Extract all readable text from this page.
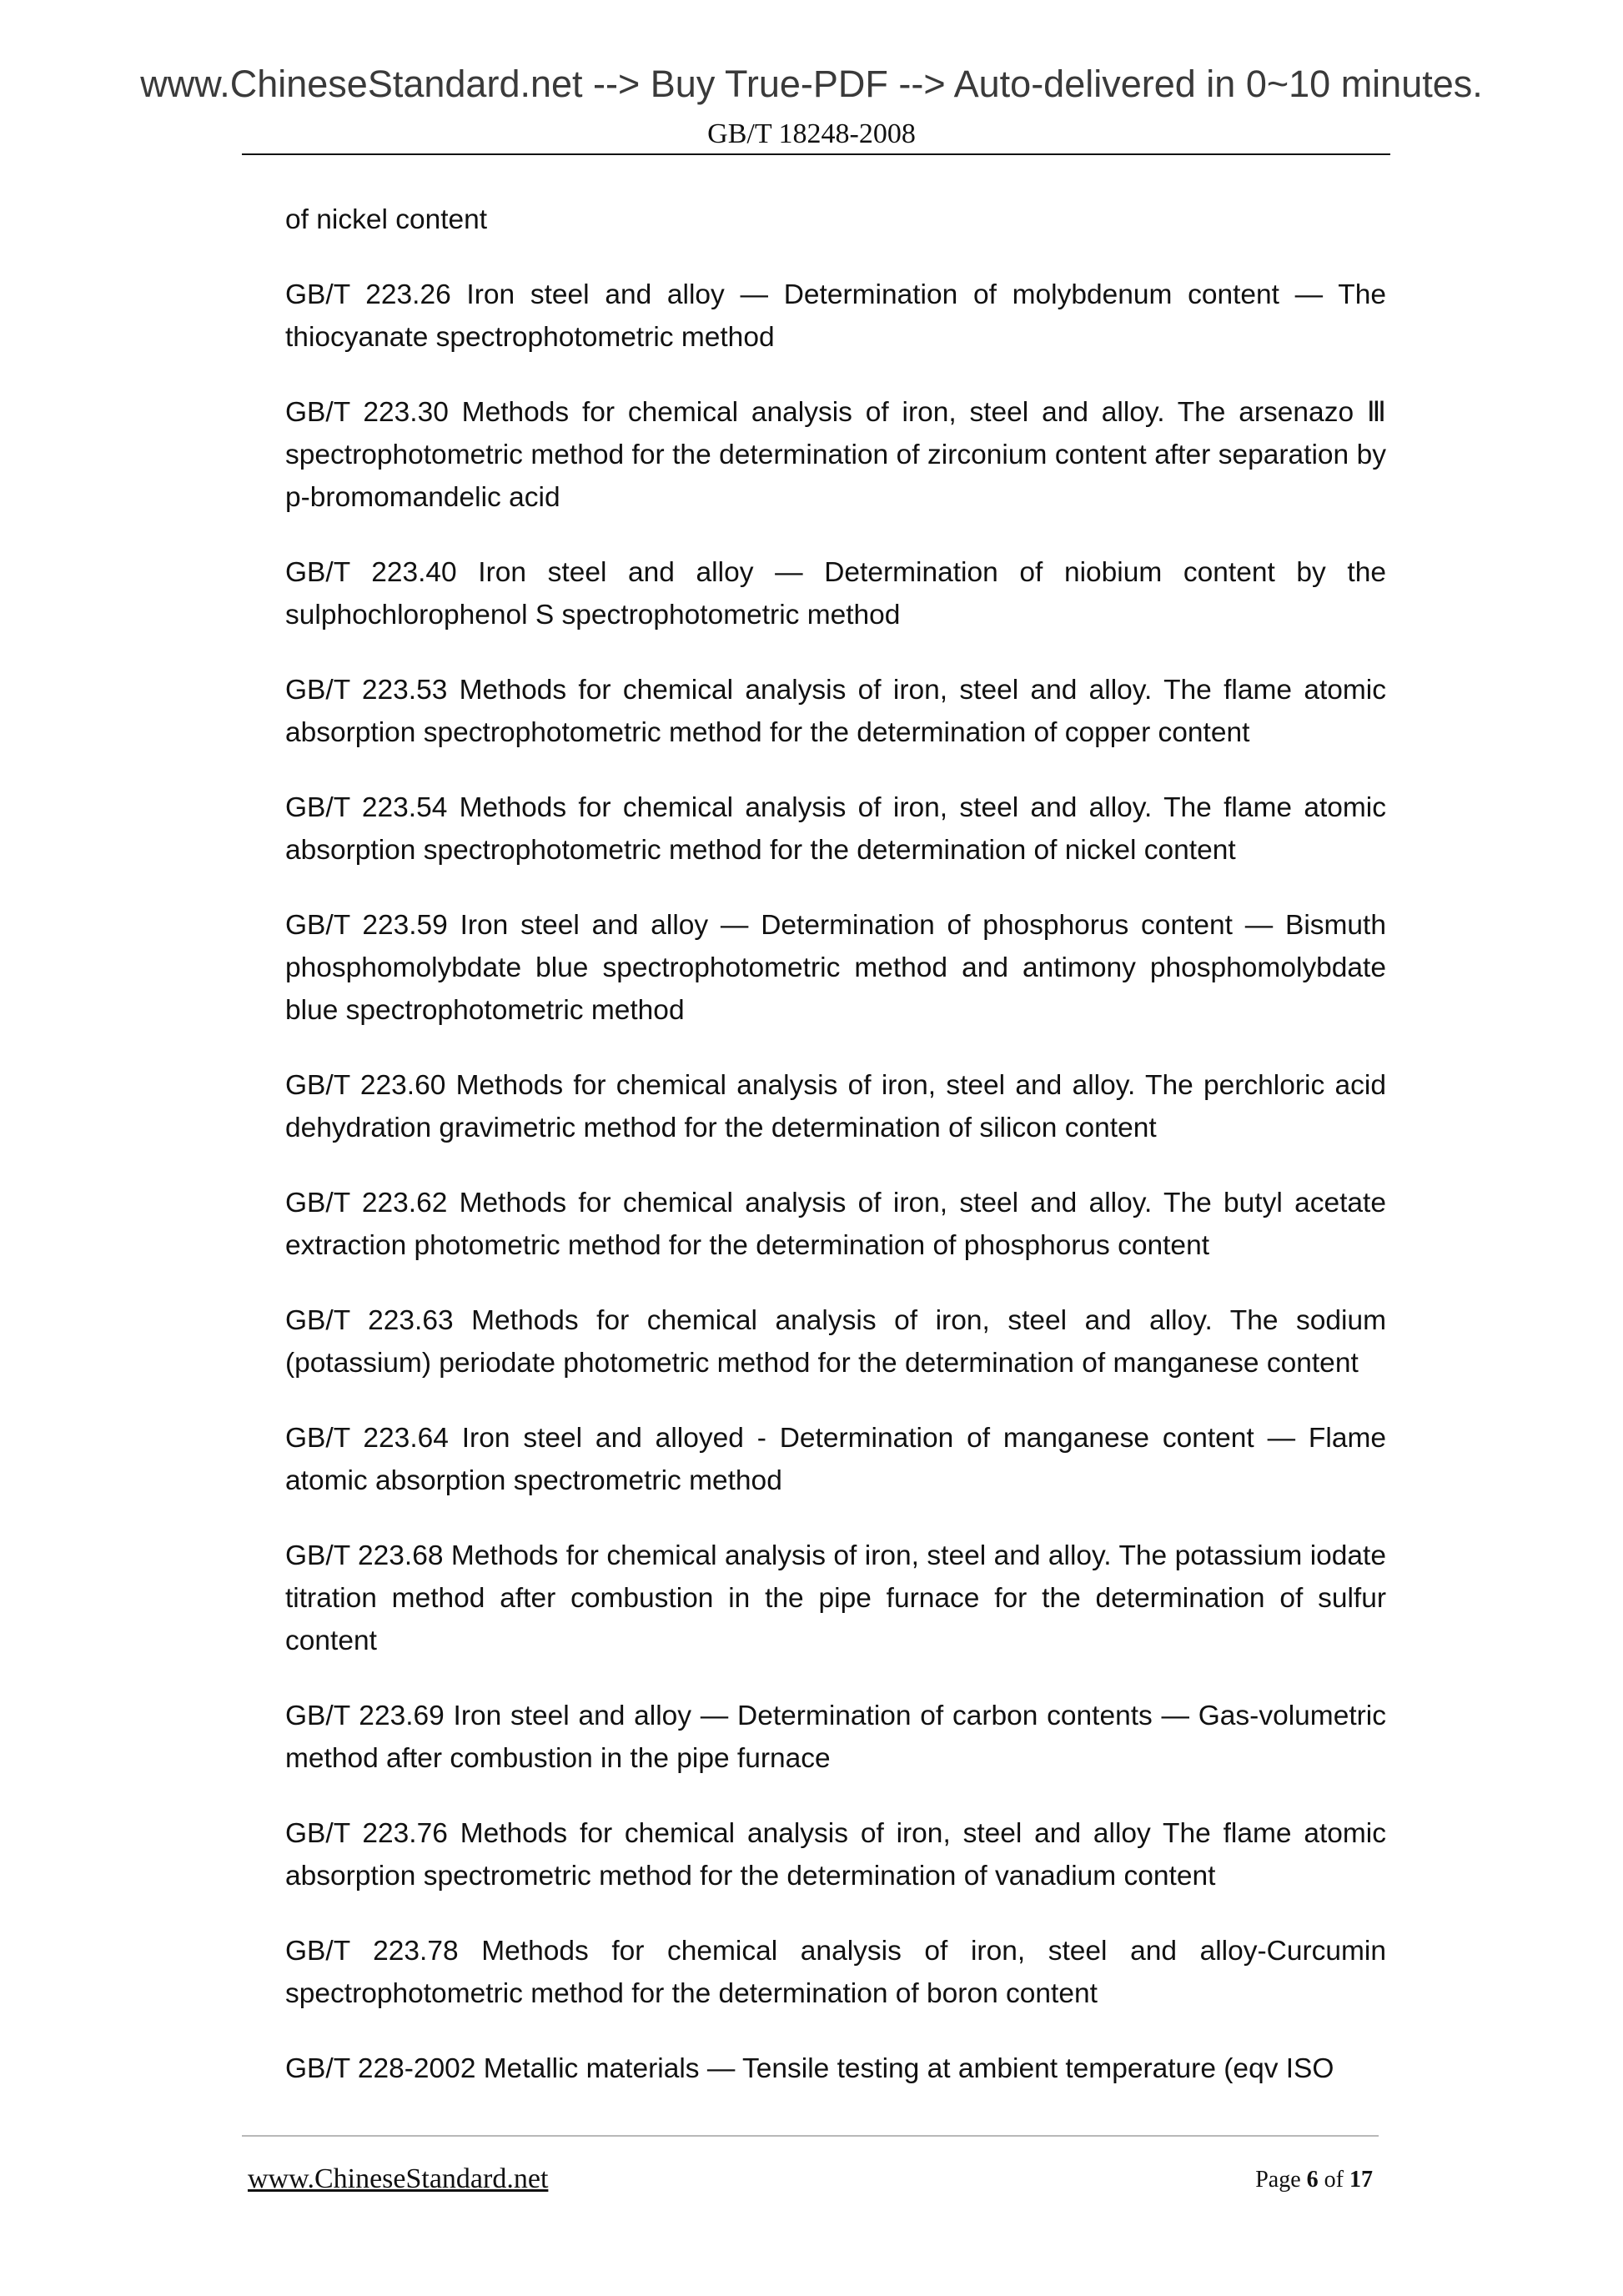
www.ChineseStandard.net --> Buy True-PDF --> Auto-delivered in 0~10 minutes.
GB/T 18248-2008

of nickel content

GB/T 223.26 Iron steel and alloy — Determination of molybdenum content — The thiocyanate spectrophotometric method

GB/T 223.30 Methods for chemical analysis of iron, steel and alloy. The arsenazo Ⅲ spectrophotometric method for the determination of zirconium content after separation by p-bromomandelic acid

GB/T 223.40 Iron steel and alloy — Determination of niobium content by the sulphochlorophenol S spectrophotometric method

GB/T 223.53 Methods for chemical analysis of iron, steel and alloy. The flame atomic absorption spectrophotometric method for the determination of copper content

GB/T 223.54 Methods for chemical analysis of iron, steel and alloy. The flame atomic absorption spectrophotometric method for the determination of nickel content

GB/T 223.59 Iron steel and alloy — Determination of phosphorus content — Bismuth phosphomolybdate blue spectrophotometric method and antimony phosphomolybdate blue spectrophotometric method

GB/T 223.60 Methods for chemical analysis of iron, steel and alloy. The perchloric acid dehydration gravimetric method for the determination of silicon content

GB/T 223.62 Methods for chemical analysis of iron, steel and alloy. The butyl acetate extraction photometric method for the determination of phosphorus content

GB/T 223.63 Methods for chemical analysis of iron, steel and alloy. The sodium (potassium) periodate photometric method for the determination of manganese content

GB/T 223.64 Iron steel and alloyed - Determination of manganese content — Flame atomic absorption spectrometric method

GB/T 223.68 Methods for chemical analysis of iron, steel and alloy. The potassium iodate titration method after combustion in the pipe furnace for the determination of sulfur content

GB/T 223.69 Iron steel and alloy — Determination of carbon contents — Gas-volumetric method after combustion in the pipe furnace

GB/T 223.76 Methods for chemical analysis of iron, steel and alloy The flame atomic absorption spectrometric method for the determination of vanadium content

GB/T 223.78 Methods for chemical analysis of iron, steel and alloy-Curcumin spectrophotometric method for the determination of boron content

GB/T 228-2002 Metallic materials — Tensile testing at ambient temperature (eqv ISO

www.ChineseStandard.net	Page 6 of 17
